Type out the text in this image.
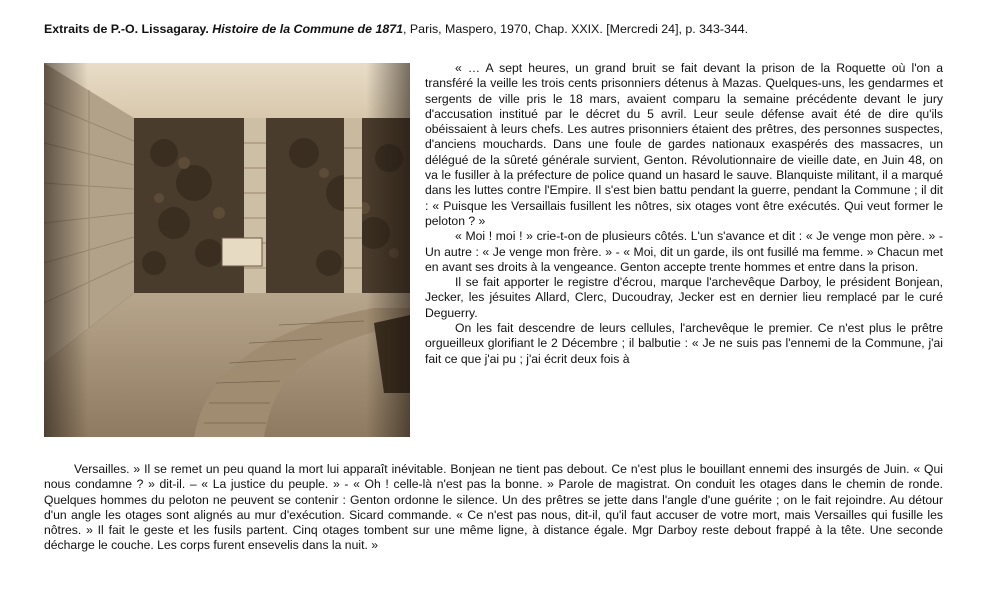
Extraits de P.-O. Lissagaray. Histoire de la Commune de 1871, Paris, Maspero, 1970, Chap. XXIX. [Mercredi 24], p. 343-344.

« … A sept heures, un grand bruit se fait devant la prison de la Roquette où l'on a transféré la veille les trois cents prisonniers détenus à Mazas. Quelques-uns, les gendarmes et sergents de ville pris le 18 mars, avaient comparu la semaine précédente devant le jury d'accusation institué par le décret du 5 avril. Leur seule défense avait été de dire qu'ils obéissaient à leurs chefs. Les autres prisonniers étaient des prêtres, des personnes suspectes, d'anciens mouchards. Dans une foule de gardes nationaux exaspérés des massacres, un délégué de la sûreté générale survient, Genton. Révolutionnaire de vieille date, en Juin 48, on va le fusiller à la préfecture de police quand un hasard le sauve. Blanquiste militant, il a marqué dans les luttes contre l'Empire. Il s'est bien battu pendant la guerre, pendant la Commune ; il dit : « Puisque les Versaillais fusillent les nôtres, six otages vont être exécutés. Qui veut former le peloton ? »

« Moi ! moi ! » crie-t-on de plusieurs côtés. L'un s'avance et dit : « Je venge mon père. » - Un autre : « Je venge mon frère. » - « Moi, dit un garde, ils ont fusillé ma femme. » Chacun met en avant ses droits à la vengeance. Genton accepte trente hommes et entre dans la prison.

Il se fait apporter le registre d'écrou, marque l'archevêque Darboy, le président Bonjean, Jecker, les jésuites Allard, Clerc, Ducoudray, Jecker est en dernier lieu remplacé par le curé Deguerry.

On les fait descendre de leurs cellules, l'archevêque le premier. Ce n'est plus le prêtre orgueilleux glorifiant le 2 Décembre ; il balbutie : « Je ne suis pas l'ennemi de la Commune, j'ai fait ce que j'ai pu ; j'ai écrit deux fois à

Versailles. » Il se remet un peu quand la mort lui apparaît inévitable. Bonjean ne tient pas debout. Ce n'est plus le bouillant ennemi des insurgés de Juin. « Qui nous condamne ? » dit-il. – « La justice du peuple. » - « Oh ! celle-là n'est pas la bonne. » Parole de magistrat. On conduit les otages dans le chemin de ronde. Quelques hommes du peloton ne peuvent se contenir : Genton ordonne le silence. Un des prêtres se jette dans l'angle d'une guérite ; on le fait rejoindre. Au détour d'un angle les otages sont alignés au mur d'exécution. Sicard commande. « Ce n'est pas nous, dit-il, qu'il faut accuser de votre mort, mais Versailles qui fusille les nôtres. » Il fait le geste et les fusils partent. Cinq otages tombent sur une même ligne, à distance égale. Mgr Darboy reste debout frappé à la tête. Une seconde décharge le couche. Les corps furent ensevelis dans la nuit. »
